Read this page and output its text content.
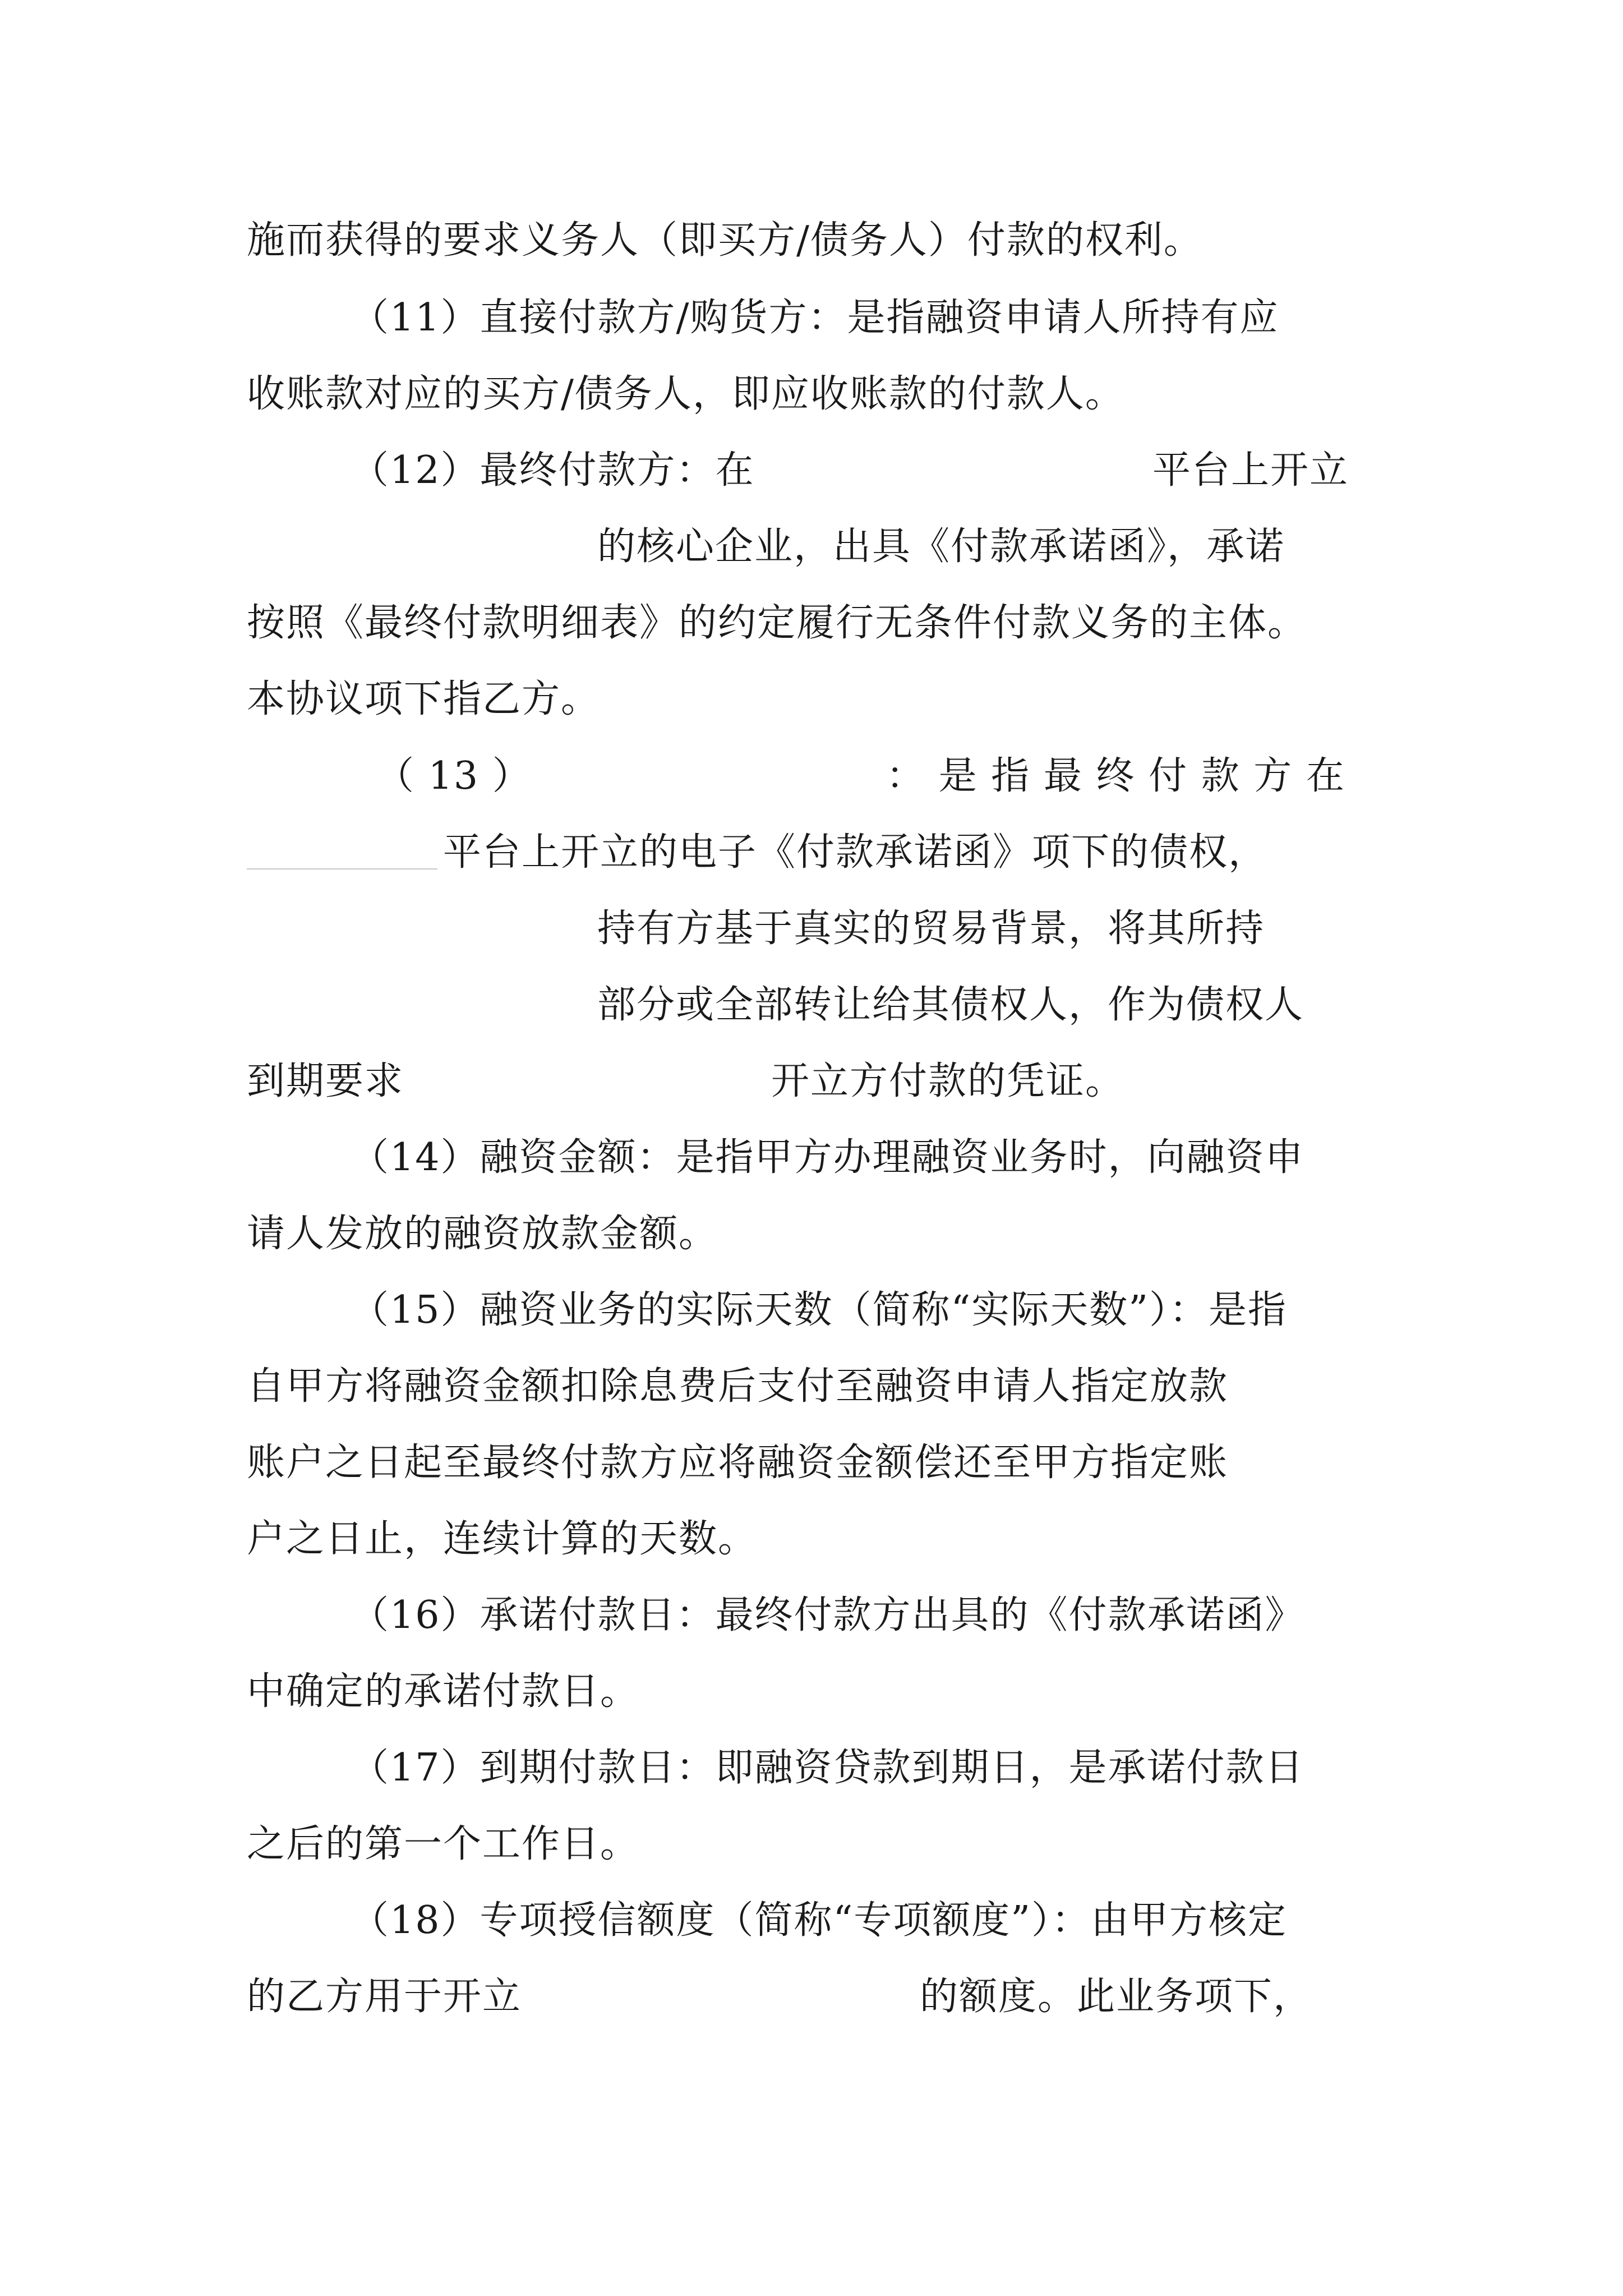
施而获得的要求义务人（即买方/债务人）付款的权利。
（11）直接付款方/购货方：是指融资申请人所持有应
收账款对应的买方/债务人，即应收账款的付款人。
（12）最终付款方：在	平台上开立
的核心企业，出具《付款承诺函》，承诺
按照《最终付款明细表》的约定履行无条件付款义务的主体。
本协议项下指乙方。
（ 13 ）	： 是 指 最 终 付 款 方 在
平台上开立的电子《付款承诺函》项下的债权，
持有方基于真实的贸易背景，将其所持
部分或全部转让给其债权人，作为债权人
到期要求	开立方付款的凭证。
（14）融资金额：是指甲方办理融资业务时，向融资申
请人发放的融资放款金额。
（15）融资业务的实际天数（简称“实际天数”）：是指
自甲方将融资金额扣除息费后支付至融资申请人指定放款
账户之日起至最终付款方应将融资金额偿还至甲方指定账
户之日止，连续计算的天数。
（16）承诺付款日：最终付款方出具的《付款承诺函》
中确定的承诺付款日。
（17）到期付款日：即融资贷款到期日，是承诺付款日
之后的第一个工作日。
（18）专项授信额度（简称“专项额度”）：由甲方核定
的乙方用于开立	的额度。此业务项下，
